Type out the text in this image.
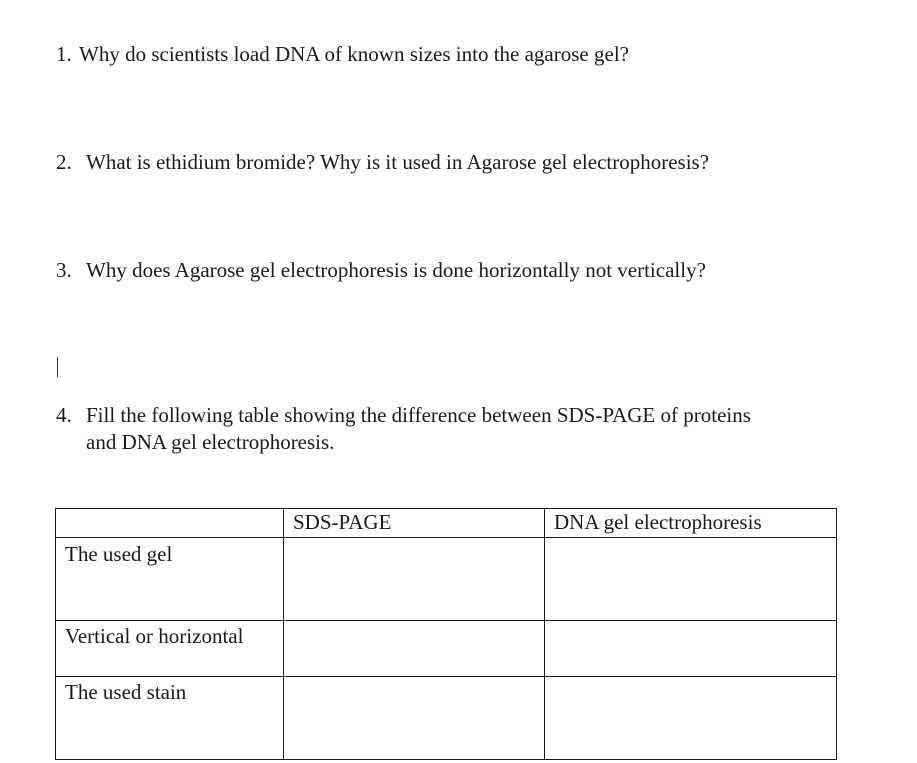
1. Why do scientists load DNA of known sizes into the agarose gel?
2. What is ethidium bromide? Why is it used in Agarose gel electrophoresis?
3. Why does Agarose gel electrophoresis is done horizontally not vertically?
4. Fill the following table showing the difference between SDS-PAGE of proteins
and DNA gel electrophoresis.
	SDS-PAGE	DNA gel electrophoresis
The used gel		
Vertical or horizontal		
The used stain		
